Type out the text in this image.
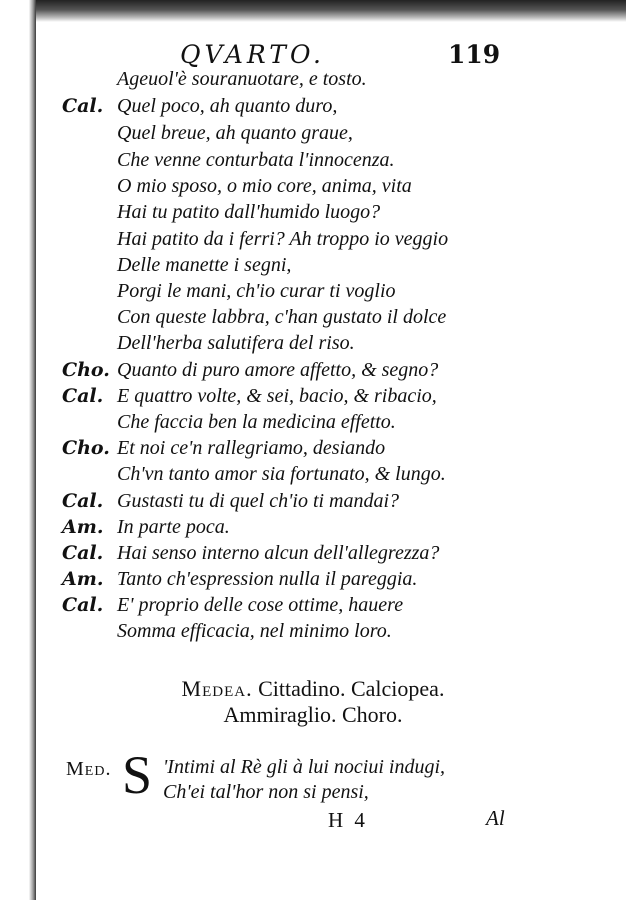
QVARTO.	119
Ageuol'è souranuotare, e tosto.
Cal. Quel poco, ah quanto duro,
Quel breue, ah quanto graue,
Che venne conturbata l'innocenza.
O mio sposo, o mio core, anima, vita
Hai tu patito dall'humido luogo?
Hai patito da i ferri? Ah troppo io veggio
Delle manette i segni,
Porgi le mani, ch'io curar ti voglio
Con queste labbra, c'han gustato il dolce
Dell'herba salutifera del riso.
Cho. Quanto di puro amore affetto, & segno?
Cal. E quattro volte, & sei, bacio, & ribacio,
Che faccia ben la medicina effetto.
Cho. Et noi ce'n rallegriamo, desiando
Ch'vn tanto amor sia fortunato, & lungo.
Cal. Gustasti tu di quel ch'io ti mandai?
Am. In parte poca.
Cal. Hai senso interno alcun dell'allegrezza?
Am. Tanto ch'espression nulla il pareggia.
Cal. E' proprio delle cose ottime, hauere
Somma efficacia, nel minimo loro.
Medea. Cittadino. Calciopea.
Ammiraglio. Choro.
Med. S 'Intimi al Rè gli à lui nociui indugi,
Ch'ei tal'hor non si pensi,
H 4	Al
